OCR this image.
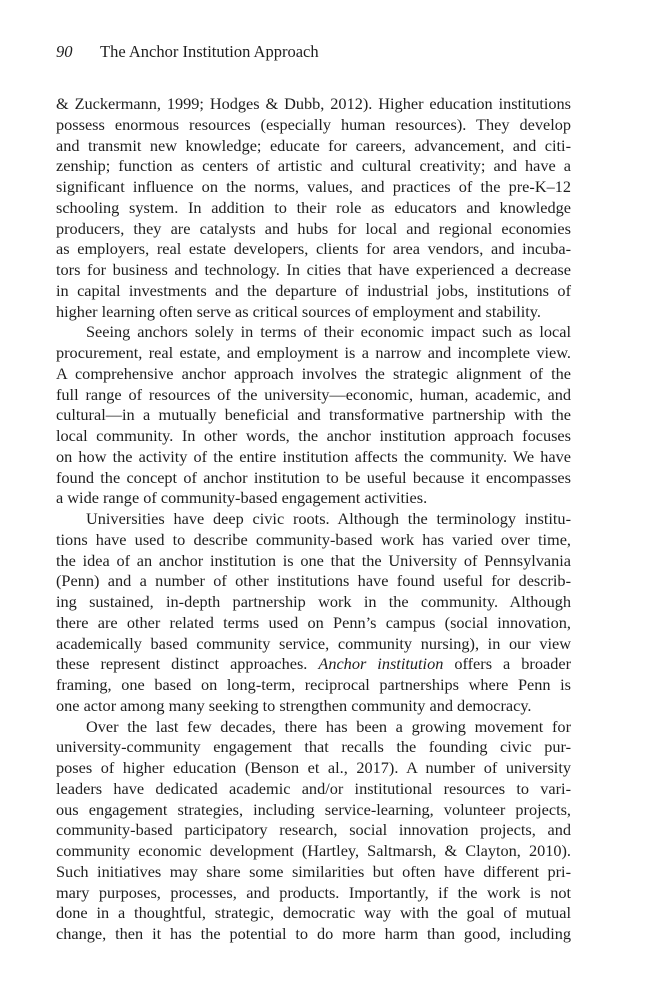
90 The Anchor Institution Approach
& Zuckermann, 1999; Hodges & Dubb, 2012). Higher education institutions
possess enormous resources (especially human resources). They develop
and transmit new knowledge; educate for careers, advancement, and citi-
zenship; function as centers of artistic and cultural creativity; and have a
significant influence on the norms, values, and practices of the pre-K–12
schooling system. In addition to their role as educators and knowledge
producers, they are catalysts and hubs for local and regional economies
as employers, real estate developers, clients for area vendors, and incuba-
tors for business and technology. In cities that have experienced a decrease
in capital investments and the departure of industrial jobs, institutions of
higher learning often serve as critical sources of employment and stability.
Seeing anchors solely in terms of their economic impact such as local
procurement, real estate, and employment is a narrow and incomplete view.
A comprehensive anchor approach involves the strategic alignment of the
full range of resources of the university—economic, human, academic, and
cultural—in a mutually beneficial and transformative partnership with the
local community. In other words, the anchor institution approach focuses
on how the activity of the entire institution affects the community. We have
found the concept of anchor institution to be useful because it encompasses
a wide range of community-based engagement activities.
Universities have deep civic roots. Although the terminology institu-
tions have used to describe community-based work has varied over time,
the idea of an anchor institution is one that the University of Pennsylvania
(Penn) and a number of other institutions have found useful for describ-
ing sustained, in-depth partnership work in the community. Although
there are other related terms used on Penn’s campus (social innovation,
academically based community service, community nursing), in our view
these represent distinct approaches. Anchor institution offers a broader
framing, one based on long-term, reciprocal partnerships where Penn is
one actor among many seeking to strengthen community and democracy.
Over the last few decades, there has been a growing movement for
university-community engagement that recalls the founding civic pur-
poses of higher education (Benson et al., 2017). A number of university
leaders have dedicated academic and/or institutional resources to vari-
ous engagement strategies, including service-learning, volunteer projects,
community-based participatory research, social innovation projects, and
community economic development (Hartley, Saltmarsh, & Clayton, 2010).
Such initiatives may share some similarities but often have different pri-
mary purposes, processes, and products. Importantly, if the work is not
done in a thoughtful, strategic, democratic way with the goal of mutual
change, then it has the potential to do more harm than good, including
